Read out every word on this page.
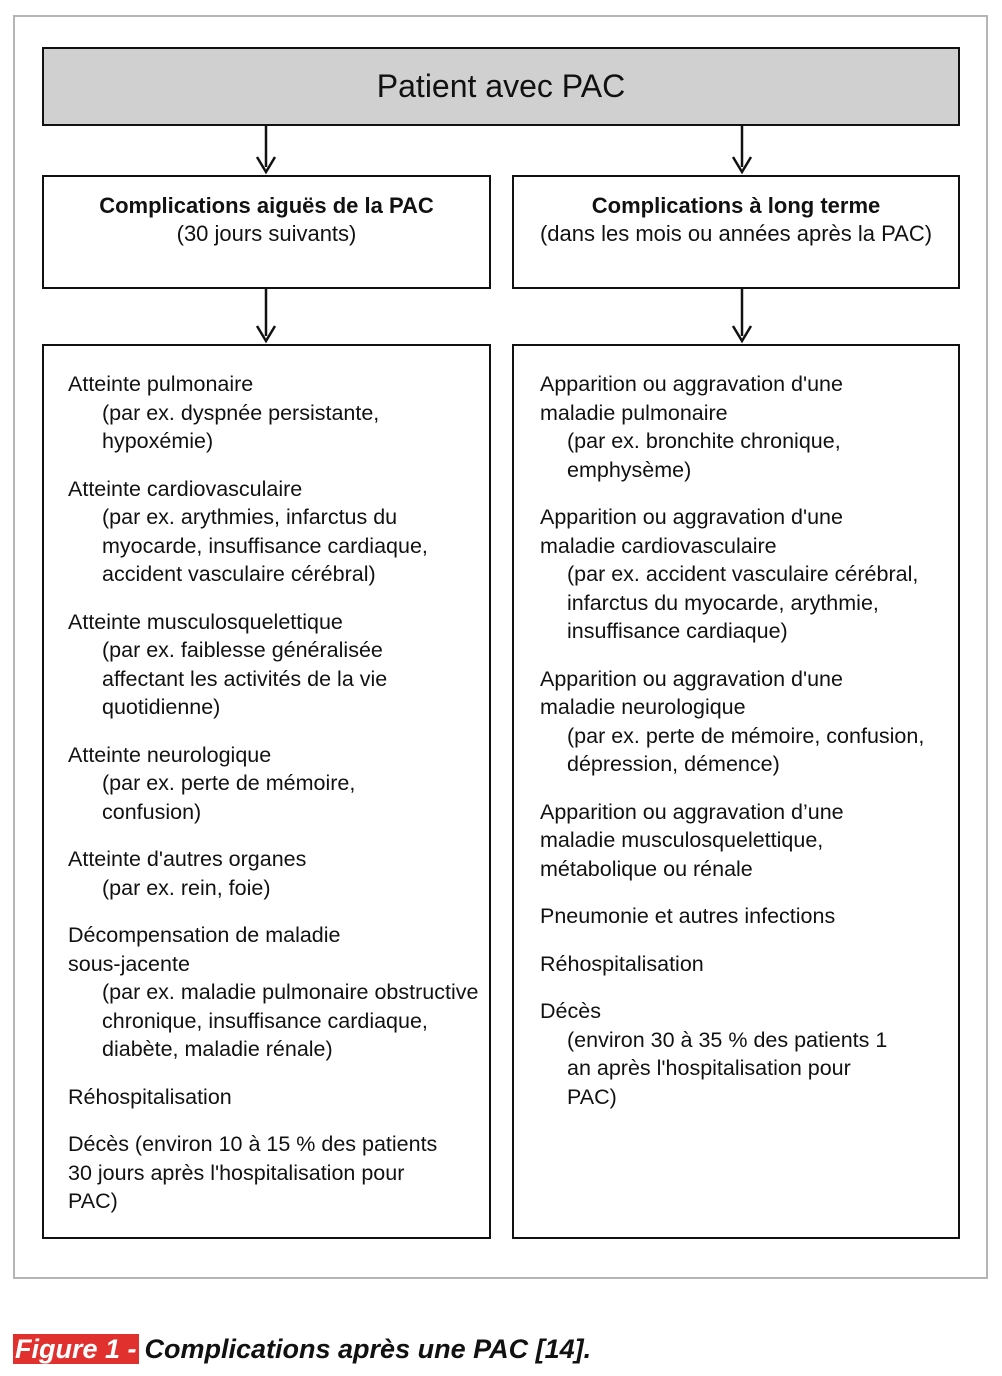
Patient avec PAC
Complications aiguës de la PAC
(30 jours suivants)
Complications à long terme
(dans les mois ou années après la PAC)
Atteinte pulmonaire
(par ex. dyspnée persistante, hypoxémie)
Atteinte cardiovasculaire
(par ex. arythmies, infarctus du myocarde, insuffisance cardiaque, accident vasculaire cérébral)
Atteinte musculosquelettique
(par ex. faiblesse généralisée affectant les activités de la vie quotidienne)
Atteinte neurologique
(par ex. perte de mémoire, confusion)
Atteinte d'autres organes
(par ex. rein, foie)
Décompensation de maladie sous-jacente
(par ex. maladie pulmonaire obstructive chronique, insuffisance cardiaque, diabète, maladie rénale)
Réhospitalisation
Décès (environ 10 à 15 % des patients 30 jours après l'hospitalisation pour PAC)
Apparition ou aggravation d'une maladie pulmonaire
(par ex. bronchite chronique, emphysème)
Apparition ou aggravation d'une maladie cardiovasculaire
(par ex. accident vasculaire cérébral, infarctus du myocarde, arythmie, insuffisance cardiaque)
Apparition ou aggravation d'une maladie neurologique
(par ex. perte de mémoire, confusion, dépression, démence)
Apparition ou aggravation d’une maladie musculosquelettique, métabolique ou rénale
Pneumonie et autres infections
Réhospitalisation
Décès
(environ 30 à 35 % des patients 1 an après l'hospitalisation pour PAC)
Figure 1 - Complications après une PAC [14].
